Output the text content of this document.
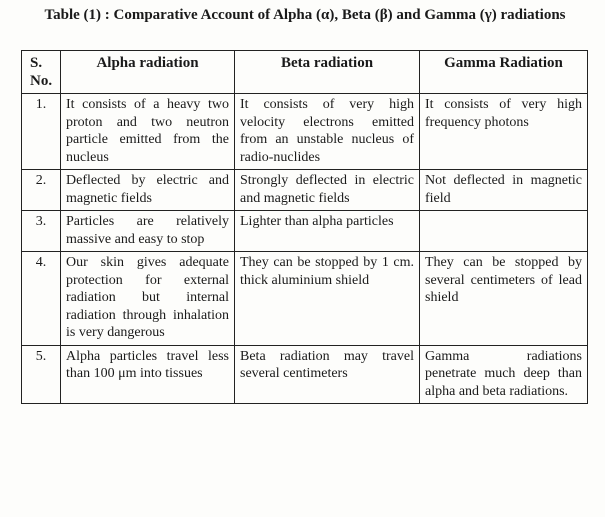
Table (1) : Comparative Account of Alpha (α), Beta (β) and Gamma (γ) radiations
S. No.	Alpha radiation	Beta radiation	Gamma Radiation
1.	It consists of a heavy two proton and two neutron particle emitted from the nucleus	It consists of very high velocity electrons emitted from an unstable nucleus of radio-nuclides	It consists of very high frequency photons
2.	Deflected by electric and magnetic fields	Strongly deflected in electric and magnetic fields	Not deflected in magnetic field
3.	Particles are relatively massive and easy to stop	Lighter than alpha particles	
4.	Our skin gives adequate protection for external radiation but internal radiation through inhalation is very dangerous	They can be stopped by 1 cm. thick aluminium shield	They can be stopped by several centimeters of lead shield
5.	Alpha particles travel less than 100 μm into tissues	Beta radiation may travel several centimeters	Gamma radiations penetrate much deep than alpha and beta radiations.
